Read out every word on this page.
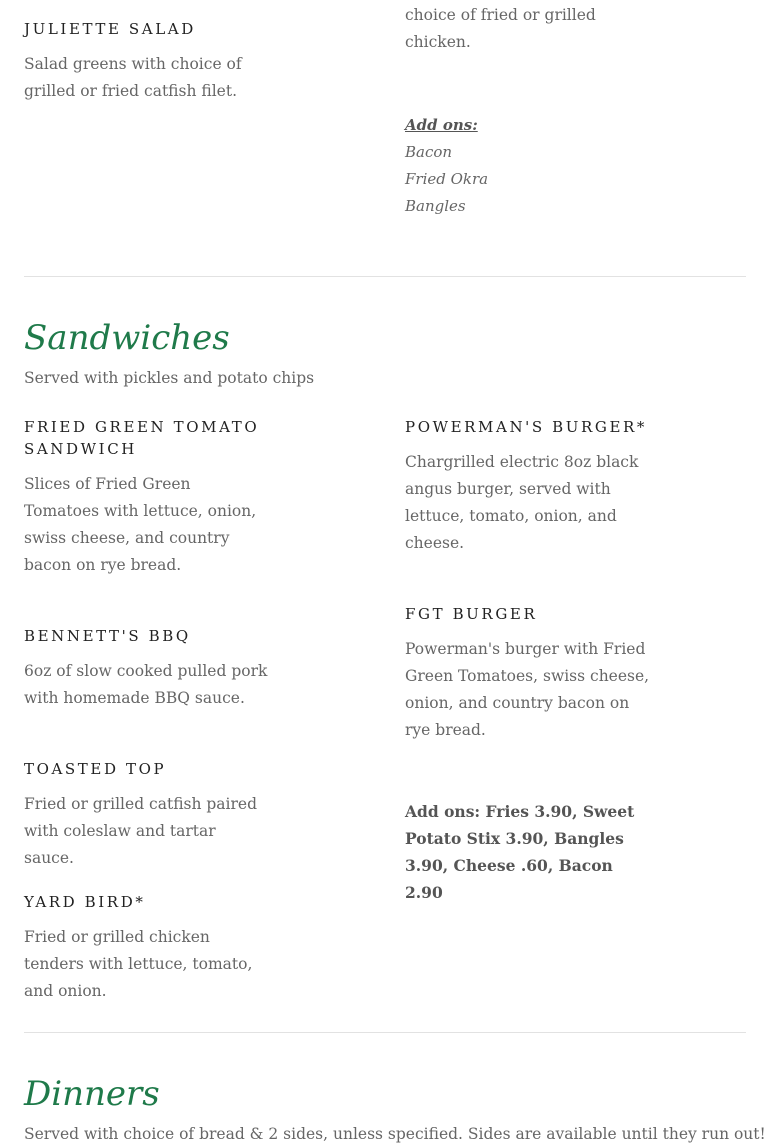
JULIETTE SALAD

Salad greens with choice of grilled or fried catfish filet.

choice of fried or grilled chicken.

Add ons:

Bacon

Fried Okra

Bangles

Sandwiches

Served with pickles and potato chips

FRIED GREEN TOMATO SANDWICH

Slices of Fried Green Tomatoes with lettuce, onion, swiss cheese, and country bacon on rye bread.

BENNETT'S BBQ

6oz of slow cooked pulled pork with homemade BBQ sauce.

TOASTED TOP

Fried or grilled catfish paired with coleslaw and tartar sauce.

YARD BIRD*

Fried or grilled chicken tenders with lettuce, tomato, and onion.

POWERMAN'S BURGER*

Chargrilled electric 8oz black angus burger, served with lettuce, tomato, onion, and cheese.

FGT BURGER

Powerman's burger with Fried Green Tomatoes, swiss cheese, onion, and country bacon on rye bread.

Add ons: Fries 3.90, Sweet Potato Stix 3.90, Bangles 3.90, Cheese .60, Bacon 2.90

Dinners

Served with choice of bread & 2 sides, unless specified. Sides are available until they run out!
